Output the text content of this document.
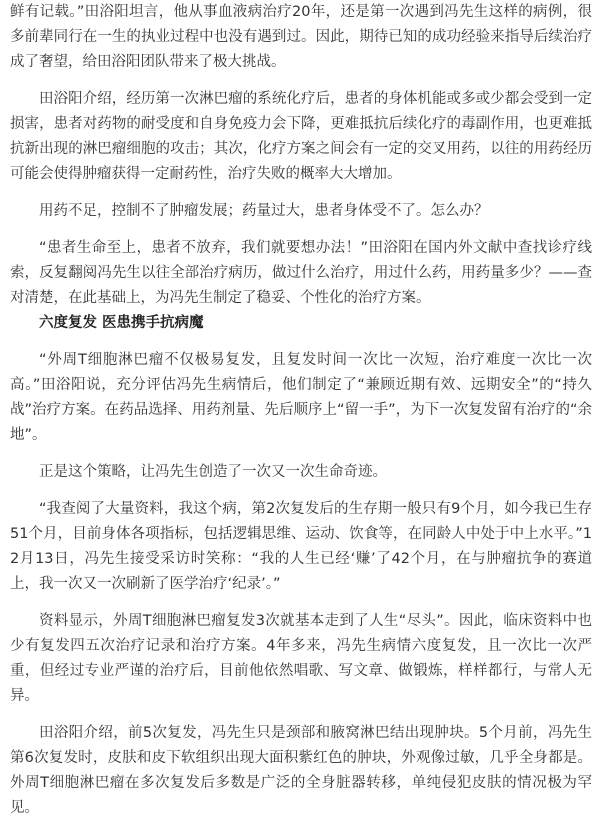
鲜有记载。”田浴阳坦言，他从事血液病治疗20年，还是第一次遇到冯先生这样的病例，很多前辈同行在一生的执业过程中也没有遇到过。因此，期待已知的成功经验来指导后续治疗成了奢望，给田浴阳团队带来了极大挑战。

田浴阳介绍，经历第一次淋巴瘤的系统化疗后，患者的身体机能或多或少都会受到一定损害，患者对药物的耐受度和自身免疫力会下降，更难抵抗后续化疗的毒副作用，也更难抵抗新出现的淋巴瘤细胞的攻击；其次，化疗方案之间会有一定的交叉用药，以往的用药经历可能会使得肿瘤获得一定耐药性，治疗失败的概率大大增加。

用药不足，控制不了肿瘤发展；药量过大，患者身体受不了。怎么办？

“患者生命至上，患者不放弃，我们就要想办法！”田浴阳在国内外文献中查找诊疗线索，反复翻阅冯先生以往全部治疗病历，做过什么治疗，用过什么药，用药量多少？——查对清楚，在此基础上，为冯先生制定了稳妥、个性化的治疗方案。

六度复发 医患携手抗病魔

“外周T细胞淋巴瘤不仅极易复发，且复发时间一次比一次短，治疗难度一次比一次高。”田浴阳说，充分评估冯先生病情后，他们制定了“兼顾近期有效、远期安全”的“持久战”治疗方案。在药品选择、用药剂量、先后顺序上“留一手”，为下一次复发留有治疗的“余地”。

正是这个策略，让冯先生创造了一次又一次生命奇迹。

“我查阅了大量资料，我这个病，第2次复发后的生存期一般只有9个月，如今我已生存51个月，目前身体各项指标，包括逻辑思维、运动、饮食等，在同龄人中处于中上水平。”12月13日，冯先生接受采访时笑称：“我的人生已经‘赚’了42个月，在与肿瘤抗争的赛道上，我一次又一次刷新了医学治疗‘纪录’。”

资料显示，外周T细胞淋巴瘤复发3次就基本走到了人生“尽头”。因此，临床资料中也少有复发四五次治疗记录和治疗方案。4年多来，冯先生病情六度复发，且一次比一次严重，但经过专业严谨的治疗后，目前他依然唱歌、写文章、做锻炼，样样都行，与常人无异。

田浴阳介绍，前5次复发，冯先生只是颈部和腋窝淋巴结出现肿块。5个月前，冯先生第6次复发时，皮肤和皮下软组织出现大面积紫红色的肿块，外观像过敏，几乎全身都是。外周T细胞淋巴瘤在多次复发后多数是广泛的全身脏器转移，单纯侵犯皮肤的情况极为罕见。
